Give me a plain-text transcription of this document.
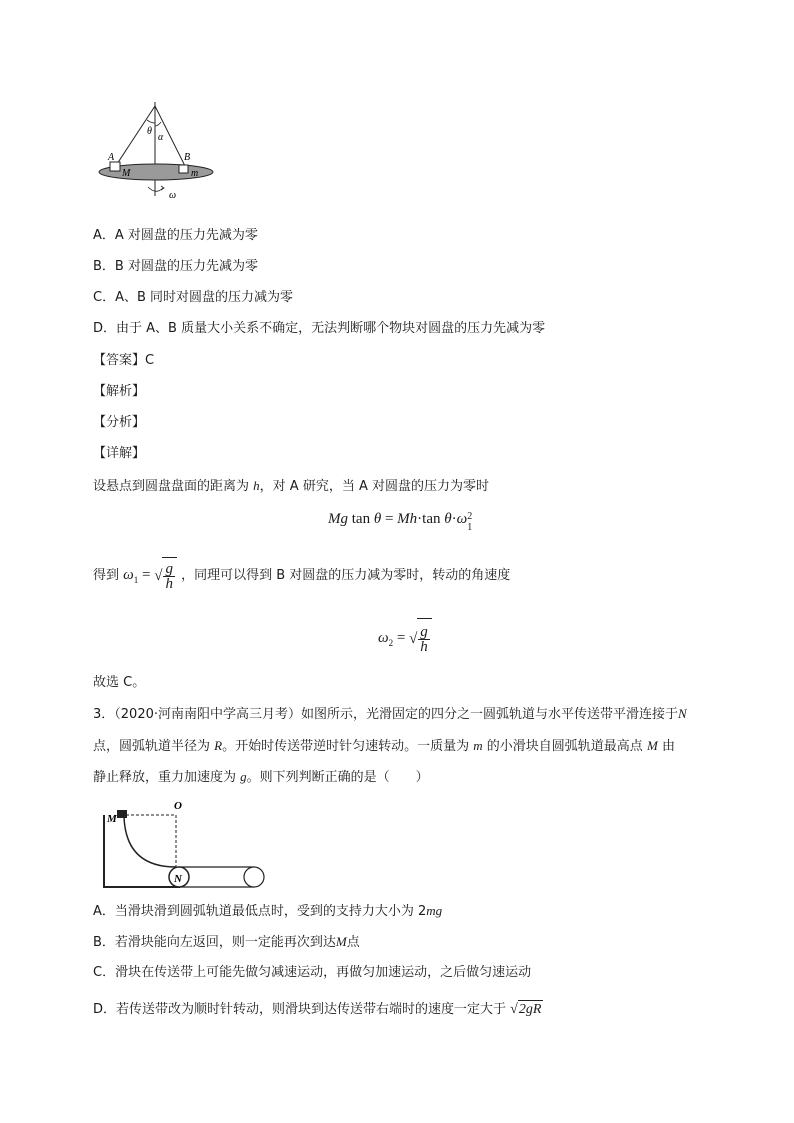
θ
α
A	B
M	m
ω
A．A 对圆盘的压力先减为零
B．B 对圆盘的压力先减为零
C．A、B 同时对圆盘的压力减为零
D．由于 A、B 质量大小关系不确定，无法判断哪个物块对圆盘的压力先减为零
【答案】C
【解析】
【分析】
【详解】
设悬点到圆盘盘面的距离为 h，对 A 研究，当 A 对圆盘的压力为零时
Mg tan θ = Mh·tan θ·ω 2
1
得到 $\omega_1$ = √ $\frac{g}{h}$ ，同理可以得到 B 对圆盘的压力减为零时，转动的角速度
$\omega_2$ = √ $\frac{g}{h}$
故选 C。
3．（2020·河南南阳中学高三月考）如图所示，光滑固定的四分之一圆弧轨道与水平传送带平滑连接于N
点，圆弧轨道半径为 R。开始时传送带逆时针匀速转动。一质量为 m 的小滑块自圆弧轨道最高点 M 由
静止释放，重力加速度为 g。则下列判断正确的是（　　）
M
O
N
A．当滑块滑到圆弧轨道最低点时，受到的支持力大小为 2mg
B．若滑块能向左返回，则一定能再次到达M点
C．滑块在传送带上可能先做匀减速运动，再做匀加速运动，之后做匀速运动
D．若传送带改为顺时针转动，则滑块到达传送带右端时的速度一定大于 √2gR
